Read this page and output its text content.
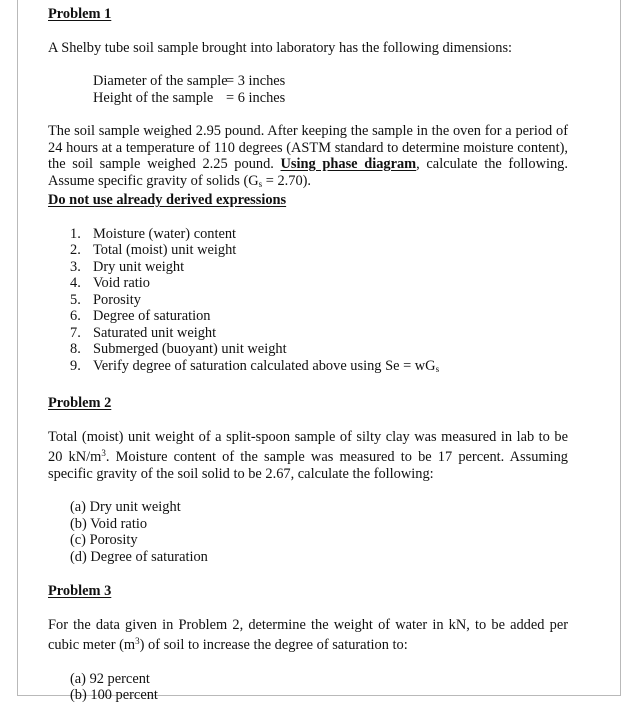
Problem 1

A Shelby tube soil sample brought into laboratory has the following dimensions:

Diameter of the sample
= 3 inches
Height of the sample = 6 inches

The soil sample weighed 2.95 pound. After keeping the sample in the oven for a period of 24 hours at a temperature of 110 degrees (ASTM standard to determine moisture content), the soil sample weighed 2.25 pound. Using phase diagram, calculate the following. Assume specific gravity of solids $(G_s = 2.70)$.

Do not use already derived expressions
1. Moisture (water) content
2. Total (moist) unit weight
3. Dry unit weight
4. Void ratio
5. Porosity
6. Degree of saturation
7. Saturated unit weight
8. Submerged (buoyant) unit weight
9. Verify degree of saturation calculated above using $Se = wG_s$
Problem 2

Total (moist) unit weight of a split-spoon sample of silty clay was measured in lab to be 20 $kN/m^3$. Moisture content of the sample was measured to be 17 percent. Assuming specific gravity of the soil solid to be 2.67, calculate the following:

(a) Dry unit weight
(b) Void ratio
(c) Porosity
(d) Degree of saturation
Problem 3

For the data given in Problem 2, determine the weight of water in kN, to be added per cubic meter $(m^3)$ of soil to increase the degree of saturation to:

(a) 92 percent
(b) 100 percent
